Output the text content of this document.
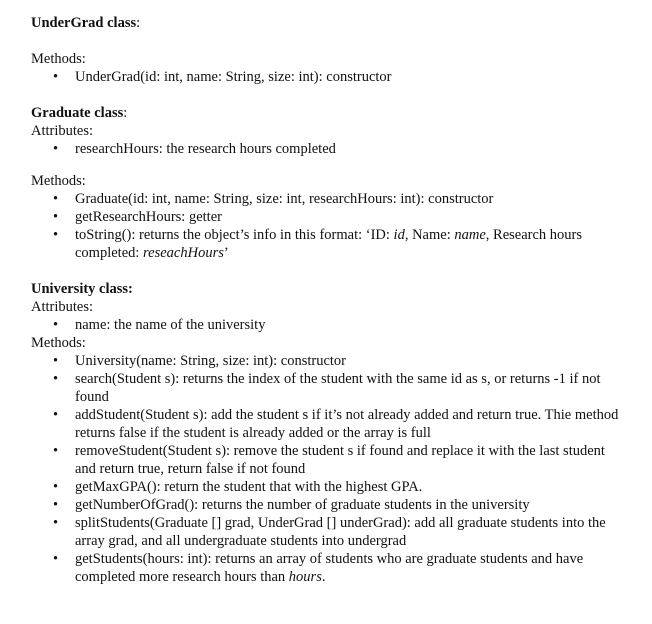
UnderGrad class:
Methods:
• UnderGrad(id: int, name: String, size: int): constructor
Graduate class:
Attributes:
• researchHours: the research hours completed
Methods:
• Graduate(id: int, name: String, size: int, researchHours: int): constructor
• getResearchHours: getter
• toString(): returns the object’s info in this format: ‘ID: id, Name: name, Research hours completed: reseachHours’
University class:
Attributes:
• name: the name of the university
Methods:
• University(name: String, size: int): constructor
• search(Student s): returns the index of the student with the same id as s, or returns -1 if not found
• addStudent(Student s): add the student s if it’s not already added and return true. Thie method returns false if the student is already added or the array is full
• removeStudent(Student s): remove the student s if found and replace it with the last student and return true, return false if not found
• getMaxGPA(): return the student that with the highest GPA.
• getNumberOfGrad(): returns the number of graduate students in the university
• splitStudents(Graduate [] grad, UnderGrad [] underGrad): add all graduate students into the array grad, and all undergraduate students into undergrad
• getStudents(hours: int): returns an array of students who are graduate students and have completed more research hours than hours.
